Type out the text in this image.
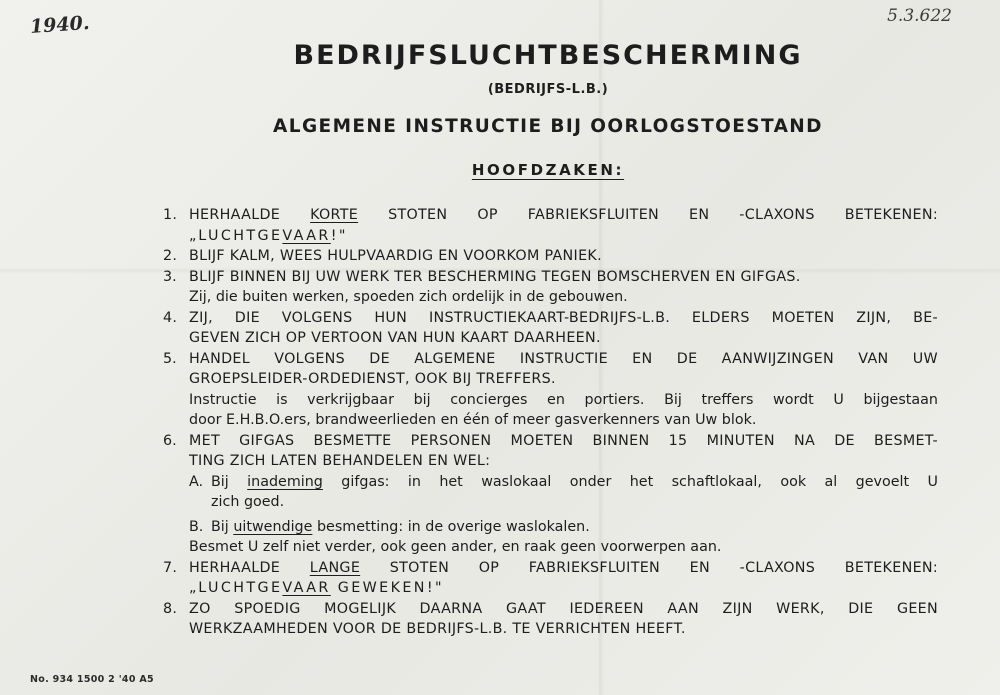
1940.	5.3.622
BEDRIJFSLUCHTBESCHERMING
(BEDRIJFS-L.B.)
ALGEMENE INSTRUCTIE BIJ OORLOGSTOESTAND
HOOFDZAKEN:
1. HERHAALDE KORTE STOTEN OP FABRIEKSFLUITEN EN -CLAXONS BETEKENEN:
„LUCHTGEVAAR!"
2. BLIJF KALM, WEES HULPVAARDIG EN VOORKOM PANIEK.
3. BLIJF BINNEN BIJ UW WERK TER BESCHERMING TEGEN BOMSCHERVEN EN GIFGAS.
Zij, die buiten werken, spoeden zich ordelijk in de gebouwen.
4. ZIJ, DIE VOLGENS HUN INSTRUCTIEKAART-BEDRIJFS-L.B. ELDERS MOETEN ZIJN, BE-
GEVEN ZICH OP VERTOON VAN HUN KAART DAARHEEN.
5. HANDEL VOLGENS DE ALGEMENE INSTRUCTIE EN DE AANWIJZINGEN VAN UW
GROEPSLEIDER-ORDEDIENST, OOK BIJ TREFFERS.
Instructie is verkrijgbaar bij concierges en portiers. Bij treffers wordt U bijgestaan
door E.H.B.O.ers, brandweerlieden en één of meer gasverkenners van Uw blok.
6. MET GIFGAS BESMETTE PERSONEN MOETEN BINNEN 15 MINUTEN NA DE BESMET-
TING ZICH LATEN BEHANDELEN EN WEL:
A. Bij inademing gifgas: in het waslokaal onder het schaftlokaal, ook al gevoelt U
zich goed.
B. Bij uitwendige besmetting: in de overige waslokalen.
Besmet U zelf niet verder, ook geen ander, en raak geen voorwerpen aan.
7. HERHAALDE LANGE STOTEN OP FABRIEKSFLUITEN EN -CLAXONS BETEKENEN:
„LUCHTGEVAAR GEWEKEN!"
8. ZO SPOEDIG MOGELIJK DAARNA GAAT IEDEREEN AAN ZIJN WERK, DIE GEEN
WERKZAAMHEDEN VOOR DE BEDRIJFS-L.B. TE VERRICHTEN HEEFT.
No. 934 1500 2 '40 A5
